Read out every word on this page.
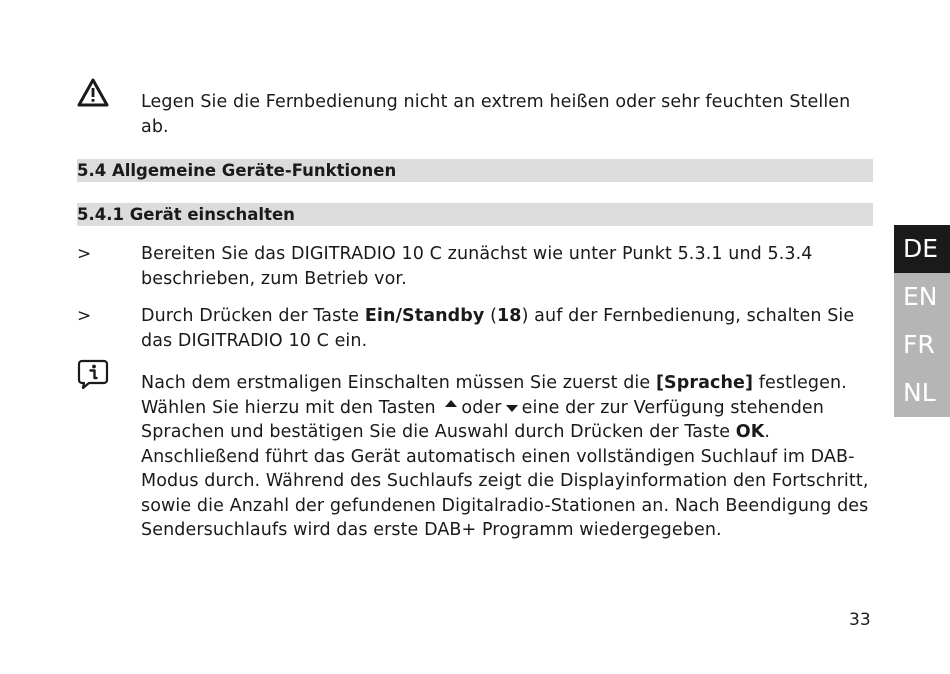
Legen Sie die Fernbedienung nicht an extrem heißen oder sehr feuchten Stellen ab.
5.4 Allgemeine Geräte-Funktionen
5.4.1 Gerät einschalten
>	Bereiten Sie das DIGITRADIO 10 C zunächst wie unter Punkt 5.3.1 und 5.3.4 beschrieben, zum Betrieb vor.
>	Durch Drücken der Taste Ein/Standby (18) auf der Fernbedienung, schalten Sie das DIGITRADIO 10 C ein.
Nach dem erstmaligen Einschalten müssen Sie zuerst die [Sprache] festlegen. Wählen Sie hierzu mit den Tasten oder eine der zur Verfügung stehenden Sprachen und bestätigen Sie die Auswahl durch Drücken der Taste OK. Anschließend führt das Gerät automatisch einen vollständigen Suchlauf im DAB-Modus durch. Während des Suchlaufs zeigt die Displayinformation den Fortschritt, sowie die Anzahl der gefundenen Digitalradio-Stationen an. Nach Beendigung des Sendersuchlaufs wird das erste DAB+ Programm wiedergegeben.
DE
EN
FR
NL
33
